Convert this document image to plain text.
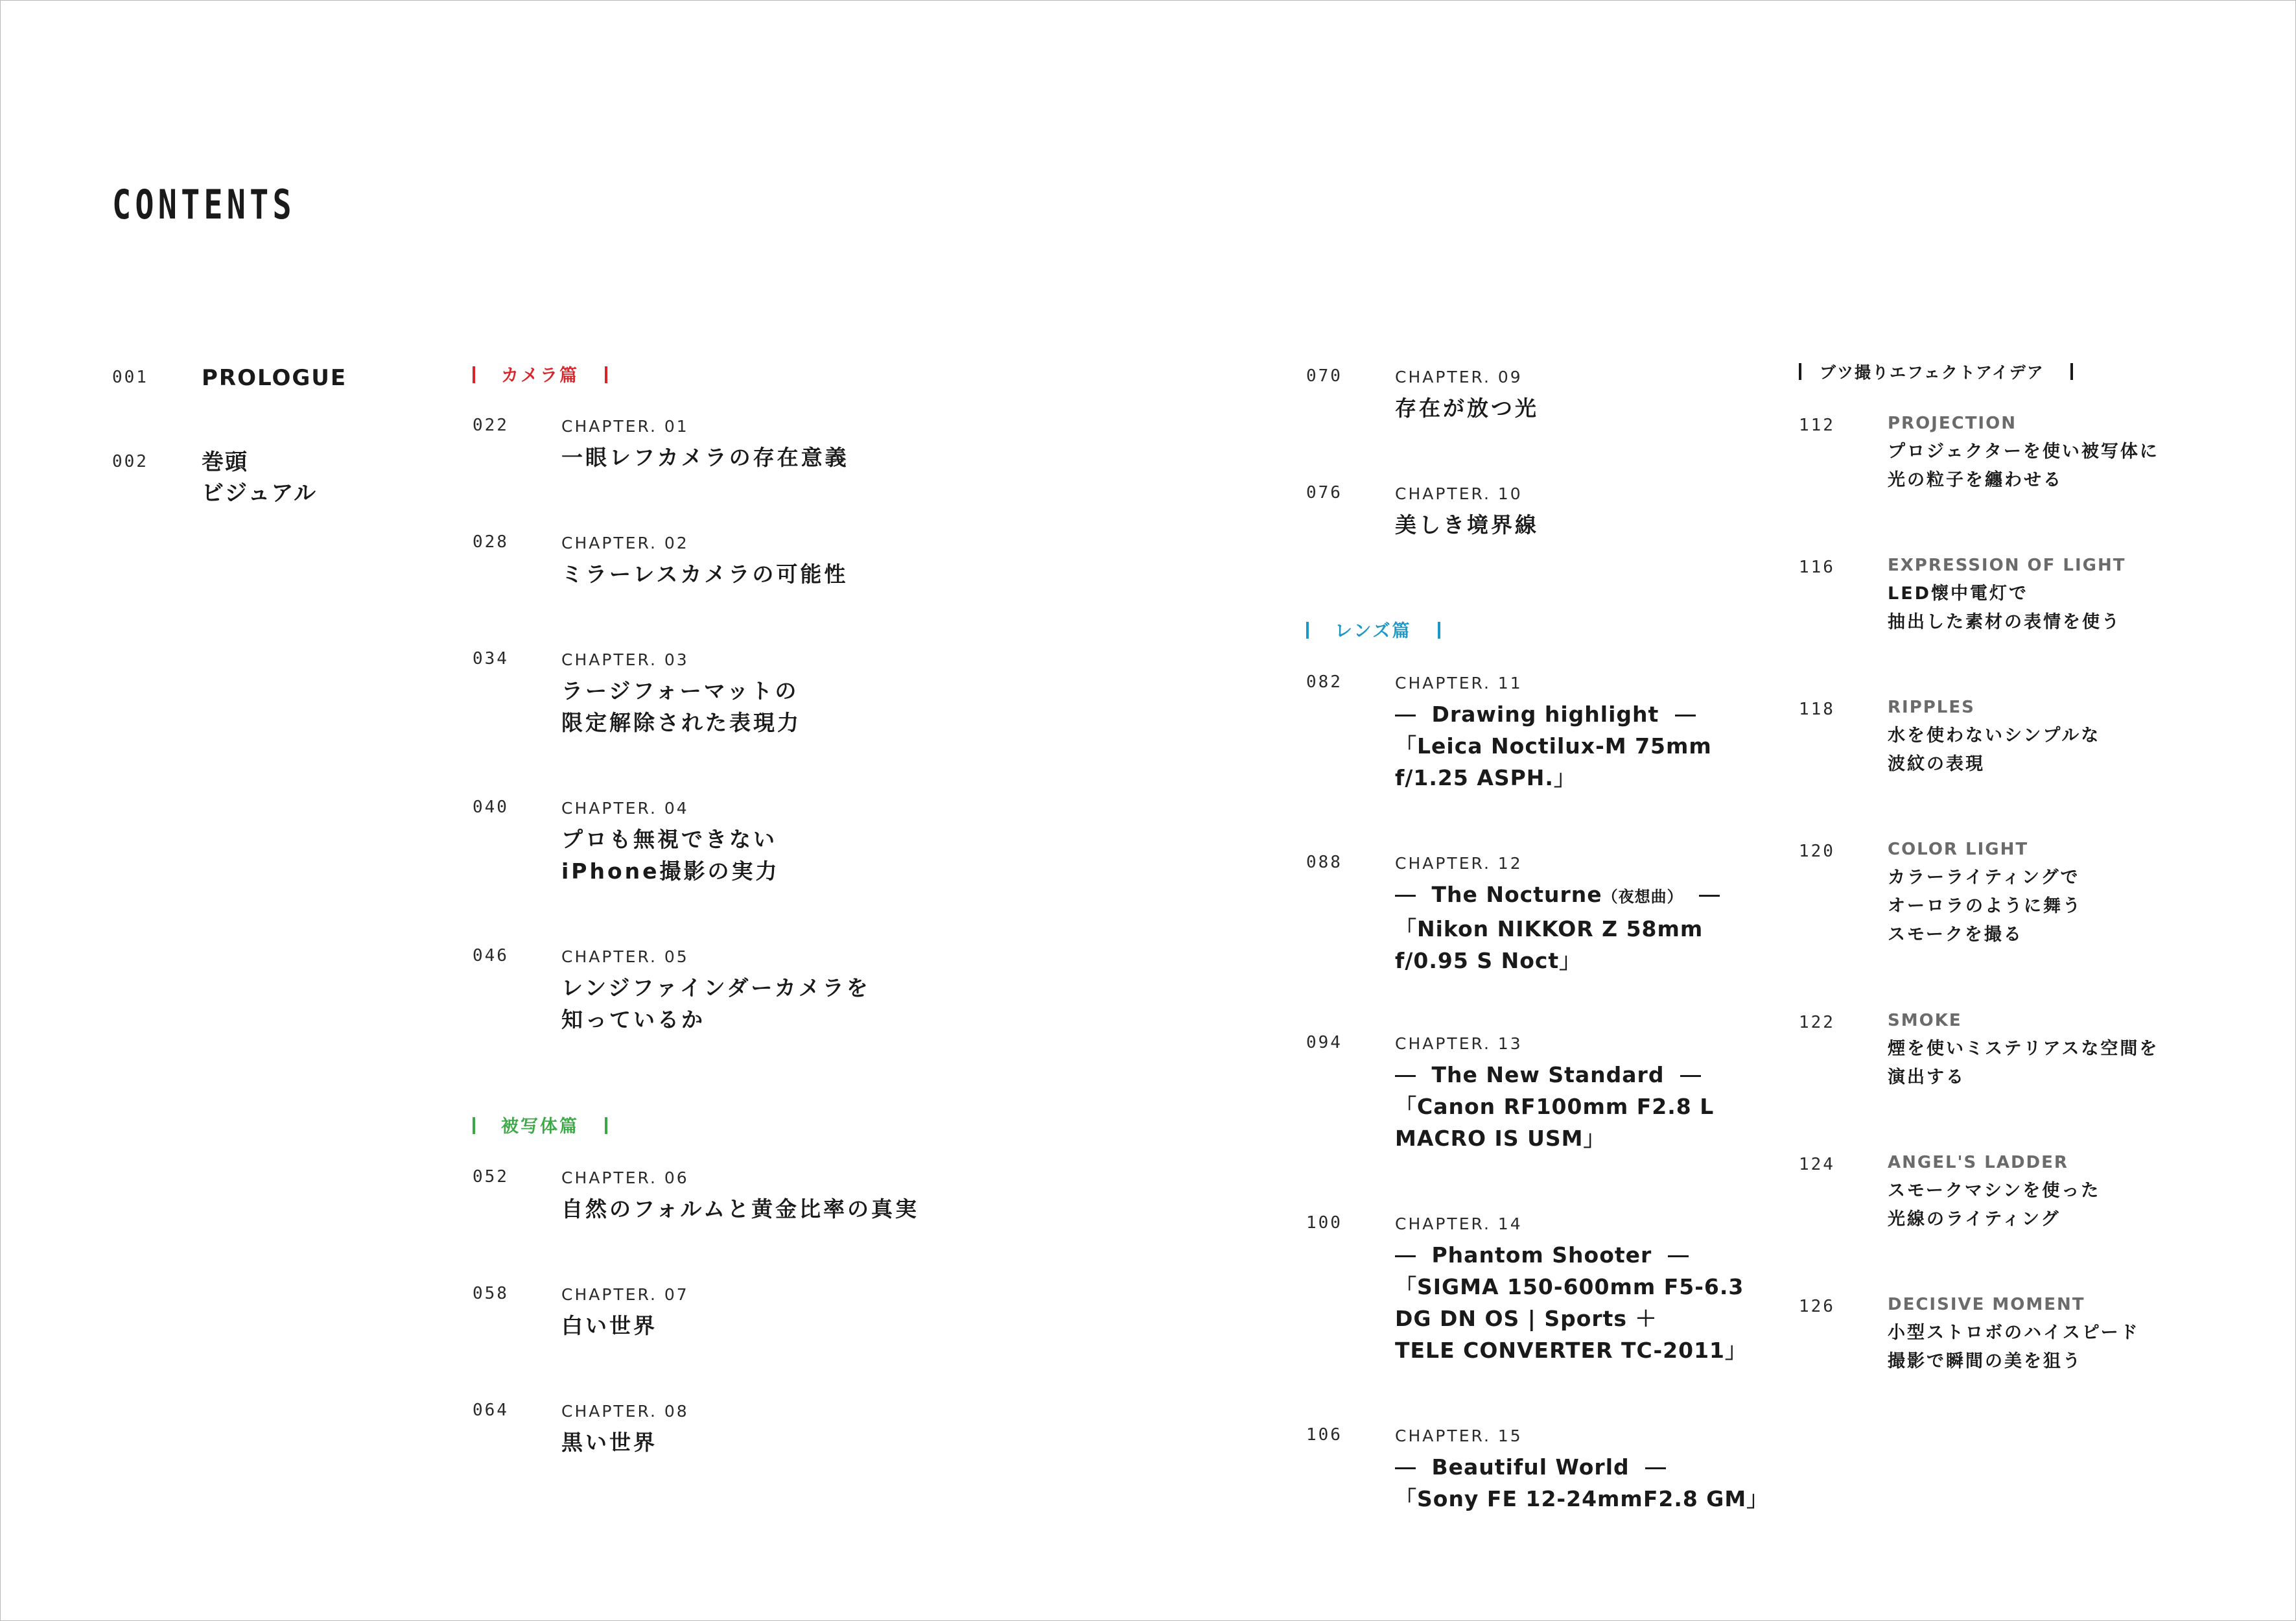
CONTENTS
001 PROLOGUE
002 巻頭
ビジュアル
カメラ篇
022	CHAPTER. 01
一眼レフカメラの存在意義
028	CHAPTER. 02
ミラーレスカメラの可能性
034	CHAPTER. 03
ラージフォーマットの
限定解除された表現力
040	CHAPTER. 04
プロも無視できない
iPhone撮影の実力
046	CHAPTER. 05
レンジファインダーカメラを
知っているか
被写体篇
052	CHAPTER. 06
自然のフォルムと黄金比率の真実
058	CHAPTER. 07
白い世界
064	CHAPTER. 08
黒い世界
070	CHAPTER. 09
存在が放つ光
076	CHAPTER. 10
美しき境界線
レンズ篇
082	CHAPTER. 11
Drawing highlight
「Leica Noctilux-M 75mm
f/1.25 ASPH.」
088	CHAPTER. 12
The Nocturne（夜想曲）
「Nikon NIKKOR Z 58mm
f/0.95 S Noct」
094	CHAPTER. 13
The New Standard
「Canon RF100mm F2.8 L
MACRO IS USM」
100	CHAPTER. 14
Phantom Shooter
「SIGMA 150-600mm F5-6.3
DG DN OS | Sports ＋
TELE CONVERTER TC-2011」
106	CHAPTER. 15
Beautiful World
「Sony FE 12-24mmF2.8 GM」
ブツ撮りエフェクトアイデア
112	PROJECTION
プロジェクターを使い被写体に
光の粒子を纏わせる
116	EXPRESSION OF LIGHT
LED懐中電灯で
抽出した素材の表情を使う
118	RIPPLES
水を使わないシンプルな
波紋の表現
120	COLOR LIGHT
カラーライティングで
オーロラのように舞う
スモークを撮る
122	SMOKE
煙を使いミステリアスな空間を
演出する
124	ANGEL'S LADDER
スモークマシンを使った
光線のライティング
126	DECISIVE MOMENT
小型ストロボのハイスピード
撮影で瞬間の美を狙う
